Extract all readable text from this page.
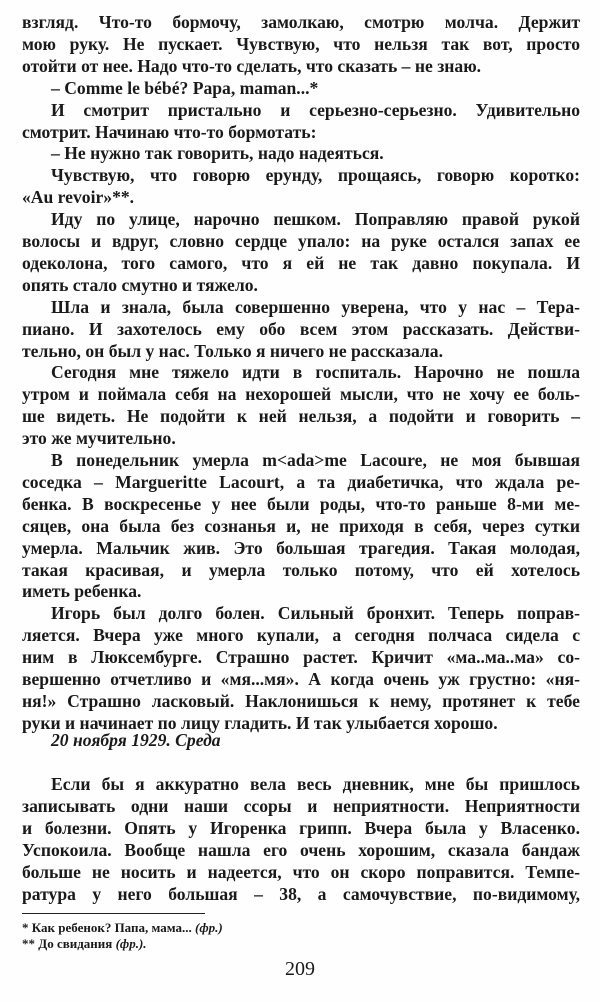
взгляд. Что-то бормочу, замолкаю, смотрю молча. Держит
мою руку. Не пускает. Чувствую, что нельзя так вот, просто
отойти от нее. Надо что-то сделать, что сказать – не знаю.
– Comme le bébé? Papa, maman...*
И смотрит пристально и серьезно-серьезно. Удивительно
смотрит. Начинаю что-то бормотать:
– Не нужно так говорить, надо надеяться.
Чувствую, что говорю ерунду, прощаясь, говорю коротко:
«Au revoir»**.
Иду по улице, нарочно пешком. Поправляю правой рукой
волосы и вдруг, словно сердце упало: на руке остался запах ее
одеколона, того самого, что я ей не так давно покупала. И
опять стало смутно и тяжело.
Шла и знала, была совершенно уверена, что у нас – Тера-
пиано. И захотелось ему обо всем этом рассказать. Действи-
тельно, он был у нас. Только я ничего не рассказала.
Сегодня мне тяжело идти в госпиталь. Нарочно не пошла
утром и поймала себя на нехорошей мысли, что не хочу ее боль-
ше видеть. Не подойти к ней нельзя, а подойти и говорить –
это же мучительно.
В понедельник умерла m<ada>me Lacoure, не моя бывшая
соседка – Margueritte Lacourt, а та диабетичка, что ждала ре-
бенка. В воскресенье у нее были роды, что-то раньше 8-ми ме-
сяцев, она была без сознанья и, не приходя в себя, через сутки
умерла. Мальчик жив. Это большая трагедия. Такая молодая,
такая красивая, и умерла только потому, что ей хотелось
иметь ребенка.
Игорь был долго болен. Сильный бронхит. Теперь поправ-
ляется. Вчера уже много купали, а сегодня полчаса сидела с
ним в Люксембурге. Страшно растет. Кричит «ма..ма..ма» со-
вершенно отчетливо и «мя...мя». А когда очень уж грустно: «ня-
ня!» Страшно ласковый. Наклонишься к нему, протянет к тебе
руки и начинает по лицу гладить. И так улыбается хорошо.
20 ноября 1929. Среда
Если бы я аккуратно вела весь дневник, мне бы пришлось
записывать одни наши ссоры и неприятности. Неприятности
и болезни. Опять у Игоренка грипп. Вчера была у Власенко.
Успокоила. Вообще нашла его очень хорошим, сказала бандаж
больше не носить и надеется, что он скоро поправится. Темпе-
ратура у него большая – 38, а самочувствие, по-видимому,
* Как ребенок? Папа, мама... (фр.)
** До свидания (фр.).
209
